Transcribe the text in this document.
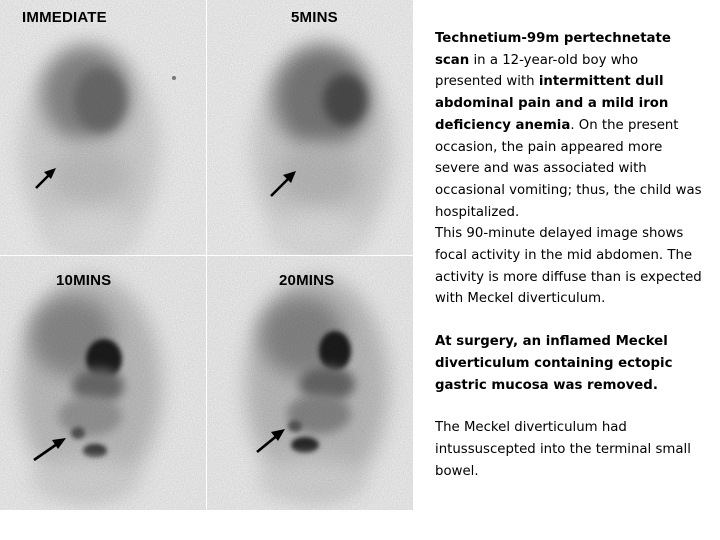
IMMEDIATE	5MINS
10MINS	20MINS

Technetium-99m pertechnetate scan in a 12-year-old boy who presented with intermittent dull abdominal pain and a mild iron deficiency anemia. On the present occasion, the pain appeared more severe and was associated with occasional vomiting; thus, the child was hospitalized.

This 90-minute delayed image shows focal activity in the mid abdomen. The activity is more diffuse than is expected with Meckel diverticulum.

At surgery, an inflamed Meckel diverticulum containing ectopic gastric mucosa was removed.

The Meckel diverticulum had intussuscepted into the terminal small bowel.
